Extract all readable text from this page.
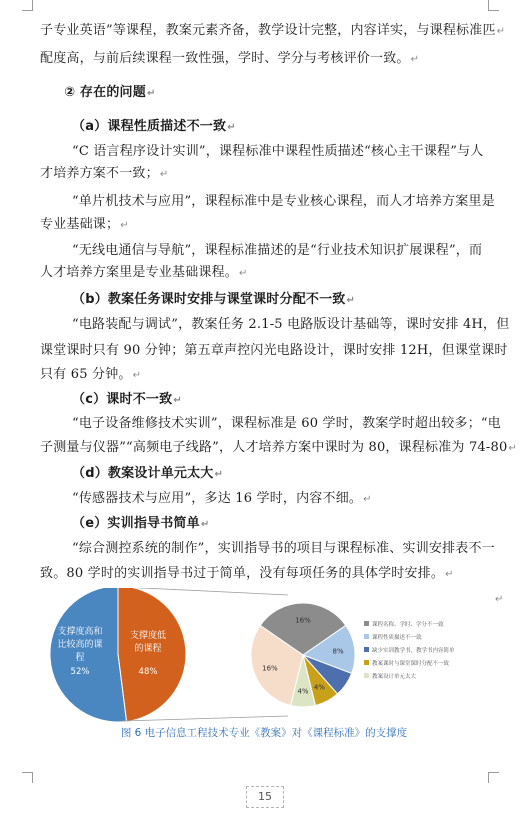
子专业英语”等课程，教案元素齐备，教学设计完整，内容详实，与课程标准匹↵
配度高，与前后续课程一致性强，学时、学分与考核评价一致。↵
② 存在的问题↵
（a）课程性质描述不一致↵
“C 语言程序设计实训”，课程标准中课程性质描述“核心主干课程”与人
才培养方案不一致；↵
“单片机技术与应用”，课程标准中是专业核心课程，而人才培养方案里是
专业基础课；↵
“无线电通信与导航”，课程标准描述的是“行业技术知识扩展课程”，而
人才培养方案里是专业基础课程。↵
（b）教案任务课时安排与课堂课时分配不一致↵
“电路装配与调试”，教案任务 2.1-5 电路版设计基础等，课时安排 4H，但
课堂课时只有 90 分钟；第五章声控闪光电路设计，课时安排 12H，但课堂课时
只有 65 分钟。↵
（c）课时不一致↵
“电子设备维修技术实训”，课程标准是 60 学时，教案学时超出较多；“电
子测量与仪器”“高频电子线路”，人才培养方案中课时为 80，课程标准为 74-80↵
（d）教案设计单元太大↵
“传感器技术与应用”，多达 16 学时，内容不细。↵
（e）实训指导书简单↵
“综合测控系统的制作”，实训指导书的项目与课程标准、实训安排表不一
致。80 学时的实训指导书过于简单，没有每项任务的具体学时安排。↵
↵
支撑度高和比较高的课程
52%
支撑度低的课程
48%
16%
8%
4%
4%
16%
课程名称、学时、学分不一致
课程性质描述不一致
缺少实训教学书，教学书内容简单
教案课时与课堂课时分配不一致
教案设计单元太大
图 6 电子信息工程技术专业《教案》对《课程标准》的支撑度
15
